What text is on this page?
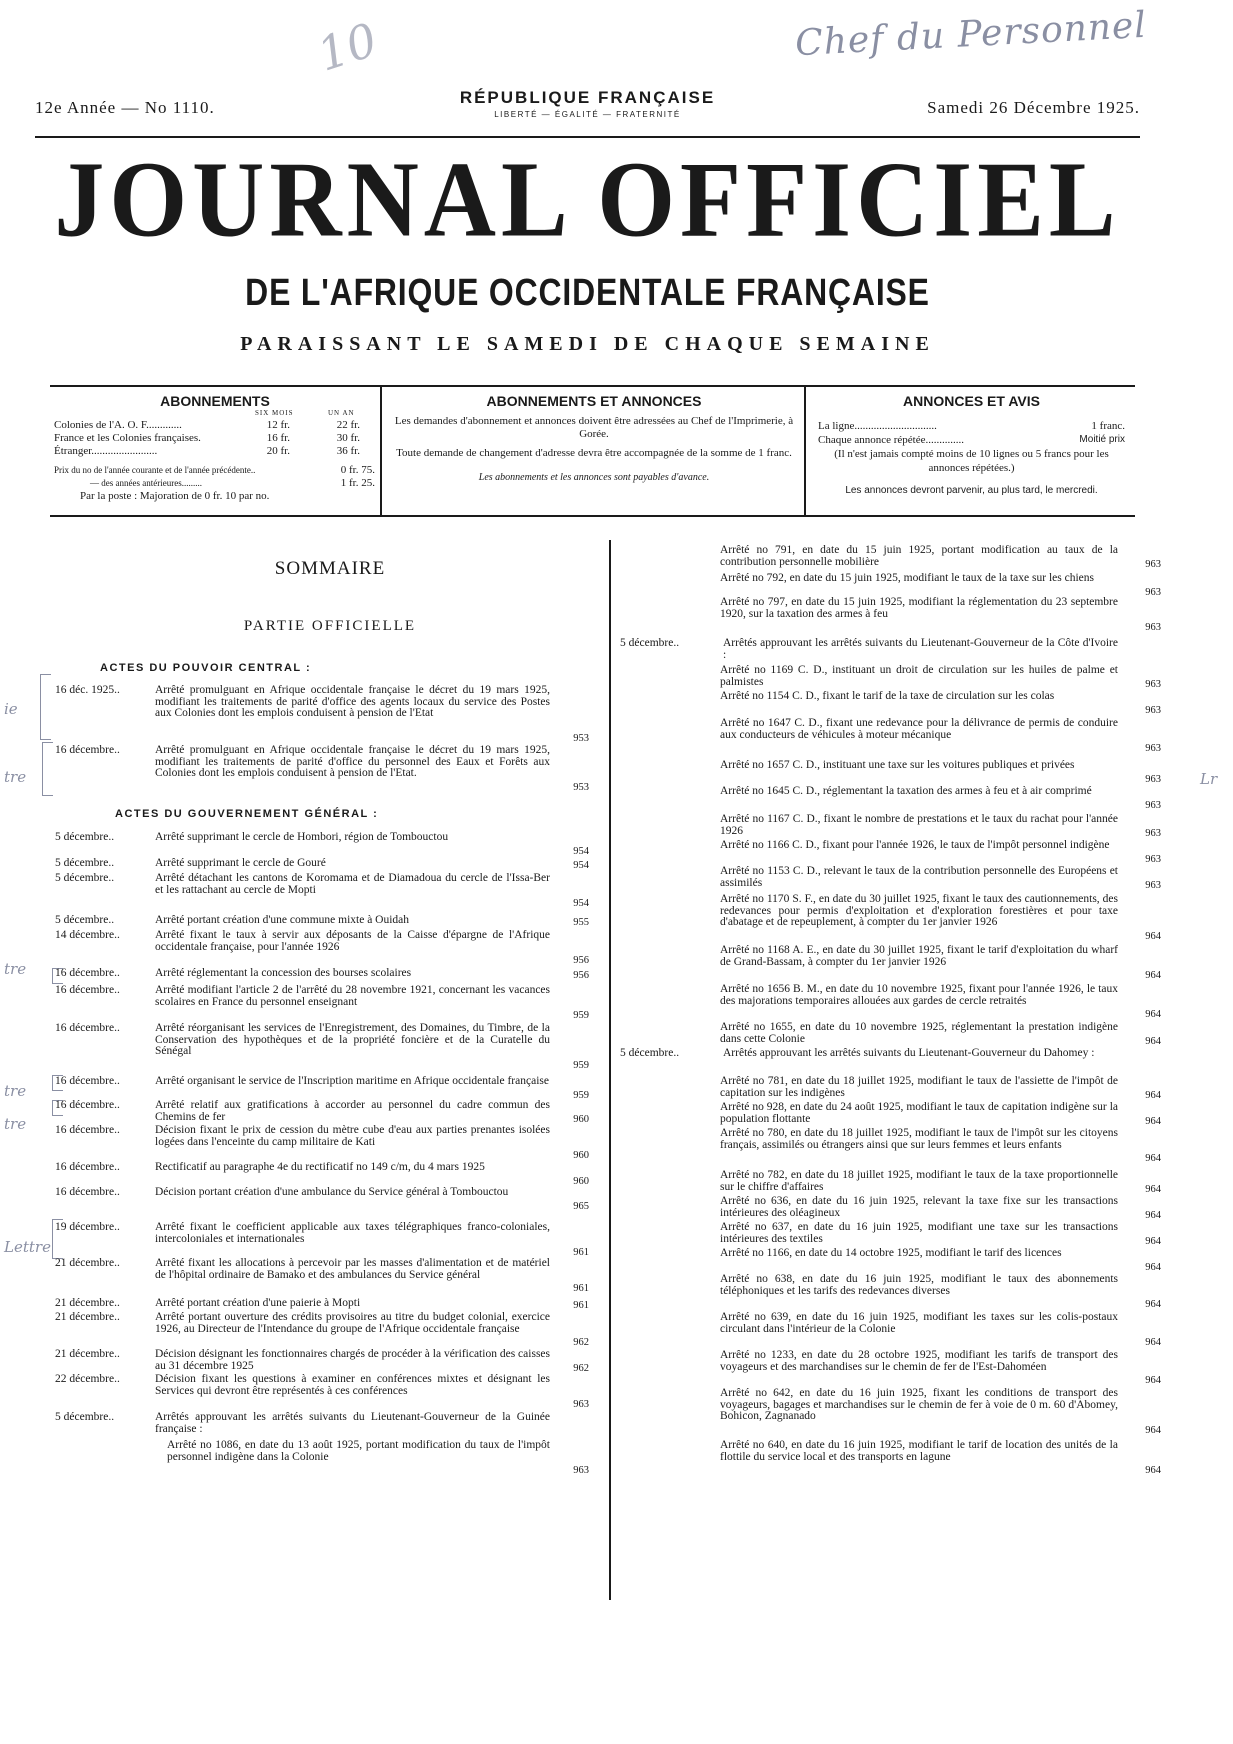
Chef du Personnel
10
ie
tre
tre
tre
tre
Lettre
Lr
12e Année — No 1110.
RÉPUBLIQUE FRANÇAISE
LIBERTÉ — ÉGALITÉ — FRATERNITÉ	Samedi 26 Décembre 1925.
JOURNAL OFFICIEL
DE L'AFRIQUE OCCIDENTALE FRANÇAISE
PARAISSANT LE SAMEDI DE CHAQUE SEMAINE
ABONNEMENTS
SIX MOIS	UN AN
Colonies de l'A. O. F.............	12 fr.	22 fr.
France et les Colonies françaises.	16 fr.	30 fr.
Étranger........................	20 fr.	36 fr.
Prix du no de l'année courante et de l'année précédente..	0 fr. 75.
— des années antérieures.........	1 fr. 25.
Par la poste : Majoration de 0 fr. 10 par no.
ABONNEMENTS ET ANNONCES
Les demandes d'abonnement et annonces doivent être adressées au Chef de l'Imprimerie, à Gorée.
Toute demande de changement d'adresse devra être accompagnée de la somme de 1 franc.
Les abonnements et les annonces sont payables d'avance.
ANNONCES ET AVIS
La ligne..............................	1 franc.
Chaque annonce répétée..............	Moitié prix
(Il n'est jamais compté moins de 10 lignes ou 5 francs pour les annonces répétées.)
Les annonces devront parvenir, au plus tard, le mercredi.
SOMMAIRE
PARTIE OFFICIELLE
ACTES DU POUVOIR CENTRAL :
ACTES DU GOUVERNEMENT GÉNÉRAL :
16 déc. 1925..	Arrêté promulguant en Afrique occidentale française le décret du 19 mars 1925, modifiant les traitements de parité d'office des agents locaux du service des Postes aux Colonies dont les emplois conduisent à pension de l'Etat
953
16 décembre..	Arrêté promulguant en Afrique occidentale française le décret du 19 mars 1925, modifiant les traitements de parité d'office du personnel des Eaux et Forêts aux Colonies dont les emplois conduisent à pension de l'Etat.
953
5 décembre..	Arrêté supprimant le cercle de Hombori, région de Tombouctou
954
5 décembre..	Arrêté supprimant le cercle de Gouré	954
5 décembre..	Arrêté détachant les cantons de Koromama et de Diamadoua du cercle de l'Issa-Ber et les rattachant au cercle de Mopti
954
5 décembre..	Arrêté portant création d'une commune mixte à Ouidah	955
14 décembre..	Arrêté fixant le taux à servir aux déposants de la Caisse d'épargne de l'Afrique occidentale française, pour l'année 1926
956
16 décembre..	Arrêté réglementant la concession des bourses scolaires	956
16 décembre..	Arrêté modifiant l'article 2 de l'arrêté du 28 novembre 1921, concernant les vacances scolaires en France du personnel enseignant
959
16 décembre..	Arrêté réorganisant les services de l'Enregistrement, des Domaines, du Timbre, de la Conservation des hypothèques et de la propriété foncière et de la Curatelle du Sénégal
959
16 décembre..	Arrêté organisant le service de l'Inscription maritime en Afrique occidentale française
959
16 décembre..	Arrêté relatif aux gratifications à accorder au personnel du cadre commun des Chemins de fer	960
16 décembre..	Décision fixant le prix de cession du mètre cube d'eau aux parties prenantes isolées logées dans l'enceinte du camp militaire de Kati
960
16 décembre..	Rectificatif au paragraphe 4e du rectificatif no 149 c/m, du 4 mars 1925
960
16 décembre..	Décision portant création d'une ambulance du Service général à Tombouctou
965
19 décembre..	Arrêté fixant le coefficient applicable aux taxes télégraphiques franco-coloniales, intercoloniales et internationales
961
21 décembre..	Arrêté fixant les allocations à percevoir par les masses d'alimentation et de matériel de l'hôpital ordinaire de Bamako et des ambulances du Service général
961
21 décembre..	Arrêté portant création d'une paierie à Mopti	961
21 décembre..	Arrêté portant ouverture des crédits provisoires au titre du budget colonial, exercice 1926, au Directeur de l'Intendance du groupe de l'Afrique occidentale française
962
21 décembre..	Décision désignant les fonctionnaires chargés de procéder à la vérification des caisses au 31 décembre 1925	962
22 décembre..	Décision fixant les questions à examiner en conférences mixtes et désignant les Services qui devront être représentés à ces conférences
963
5 décembre..	Arrêtés approuvant les arrêtés suivants du Lieutenant-Gouverneur de la Guinée française :
Arrêté no 1086, en date du 13 août 1925, portant modification du taux de l'impôt personnel indigène dans la Colonie
963
Arrêté no 791, en date du 15 juin 1925, portant modification au taux de la contribution personnelle mobilière	963
Arrêté no 792, en date du 15 juin 1925, modifiant le taux de la taxe sur les chiens
963
Arrêté no 797, en date du 15 juin 1925, modifiant la réglementation du 23 septembre 1920, sur la taxation des armes à feu
963
5 décembre..	Arrêtés approuvant les arrêtés suivants du Lieutenant-Gouverneur de la Côte d'Ivoire :
Arrêté no 1169 C. D., instituant un droit de circulation sur les huiles de palme et palmistes	963
Arrêté no 1154 C. D., fixant le tarif de la taxe de circulation sur les colas
963
Arrêté no 1647 C. D., fixant une redevance pour la délivrance de permis de conduire aux conducteurs de véhicules à moteur mécanique
963
Arrêté no 1657 C. D., instituant une taxe sur les voitures publiques et privées
963
Arrêté no 1645 C. D., réglementant la taxation des armes à feu et à air comprimé
963
Arrêté no 1167 C. D., fixant le nombre de prestations et le taux du rachat pour l'année 1926	963
Arrêté no 1166 C. D., fixant pour l'année 1926, le taux de l'impôt personnel indigène
963
Arrêté no 1153 C. D., relevant le taux de la contribution personnelle des Européens et assimilés	963
Arrêté no 1170 S. F., en date du 30 juillet 1925, fixant le taux des cautionnements, des redevances pour permis d'exploitation et d'exploration forestières et pour taxe d'abatage et de repeuplement, à compter du 1er janvier 1926
964
Arrêté no 1168 A. E., en date du 30 juillet 1925, fixant le tarif d'exploitation du wharf de Grand-Bassam, à compter du 1er janvier 1926
964
Arrêté no 1656 B. M., en date du 10 novembre 1925, fixant pour l'année 1926, le taux des majorations temporaires allouées aux gardes de cercle retraités
964
Arrêté no 1655, en date du 10 novembre 1925, réglementant la prestation indigène dans cette Colonie	964
5 décembre..	Arrêtés approuvant les arrêtés suivants du Lieutenant-Gouverneur du Dahomey :
Arrêté no 781, en date du 18 juillet 1925, modifiant le taux de l'assiette de l'impôt de capitation sur les indigènes	964
Arrêté no 928, en date du 24 août 1925, modifiant le taux de capitation indigène sur la population flottante	964
Arrêté no 780, en date du 18 juillet 1925, modifiant le taux de l'impôt sur les citoyens français, assimilés ou étrangers ainsi que sur leurs femmes et leurs enfants
964
Arrêté no 782, en date du 18 juillet 1925, modifiant le taux de la taxe proportionnelle sur le chiffre d'affaires	964
Arrêté no 636, en date du 16 juin 1925, relevant la taxe fixe sur les transactions intérieures des oléagineux	964
Arrêté no 637, en date du 16 juin 1925, modifiant une taxe sur les transactions intérieures des textiles	964
Arrêté no 1166, en date du 14 octobre 1925, modifiant le tarif des licences
964
Arrêté no 638, en date du 16 juin 1925, modifiant le taux des abonnements téléphoniques et les tarifs des redevances diverses
964
Arrêté no 639, en date du 16 juin 1925, modifiant les taxes sur les colis-postaux circulant dans l'intérieur de la Colonie
964
Arrêté no 1233, en date du 28 octobre 1925, modifiant les tarifs de transport des voyageurs et des marchandises sur le chemin de fer de l'Est-Dahoméen
964
Arrêté no 642, en date du 16 juin 1925, fixant les conditions de transport des voyageurs, bagages et marchandises sur le chemin de fer à voie de 0 m. 60 d'Abomey, Bohicon, Zagnanado
964
Arrêté no 640, en date du 16 juin 1925, modifiant le tarif de location des unités de la flottile du service local et des transports en lagune
964
